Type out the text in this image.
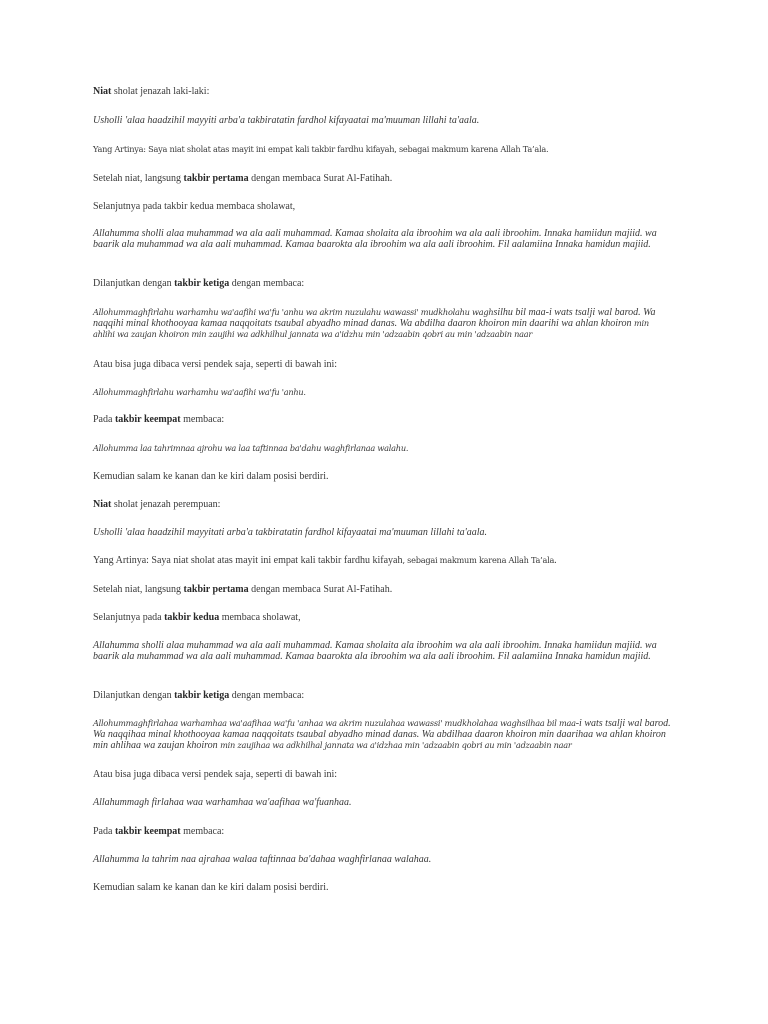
Niat sholat jenazah laki-laki:

Usholli 'alaa haadzihil mayyiti arba'a takbiratatin fardhol kifayaatai ma'muuman lillahi ta'aala.

Yang Artinya: Saya niat sholat atas mayit ini empat kali takbir fardhu kifayah, sebagai makmum karena Allah Ta’ala.

Setelah niat, langsung takbir pertama dengan membaca Surat Al-Fatihah.

Selanjutnya pada takbir kedua membaca sholawat,

Allahumma sholli alaa muhammad wa ala aali muhammad. Kamaa sholaita ala ibroohim wa ala aali ibroohim. Innaka hamiidun majiid. wa baarik ala muhammad wa ala aali muhammad. Kamaa baarokta ala ibroohim wa ala aali ibroohim. Fil aalamiina Innaka hamidun majiid.

Dilanjutkan dengan takbir ketiga dengan membaca:

Allohummaghfirlahu warhamhu wa'aafihi wa'fu 'anhu wa akrim nuzulahu wawassi' mudkholahu waghsilhu bil maa-i wats tsalji wal barod. Wa naqqihi minal khothooyaa kamaa naqqoitats tsaubal abyadho minad danas. Wa abdilha daaron khoiron min daarihi wa ahlan khoiron min ahlihi wa zaujan khoiron min zaujihi wa adkhilhul jannata wa a'idzhu min 'adzaabin qobri au min 'adzaabin naar

Atau bisa juga dibaca versi pendek saja, seperti di bawah ini:

Allohummaghfirlahu warhamhu wa'aafihi wa'fu 'anhu.

Pada takbir keempat membaca:

Allohumma laa tahrimnaa ajrohu wa laa taftinnaa ba'dahu waghfirlanaa walahu.

Kemudian salam ke kanan dan ke kiri dalam posisi berdiri.

Niat sholat jenazah perempuan:

Usholli 'alaa haadzihil mayyitati arba'a takbiratatin fardhol kifayaatai ma'muuman lillahi ta'aala.

Yang Artinya: Saya niat sholat atas mayit ini empat kali takbir fardhu kifayah, sebagai makmum karena Allah Ta’ala.

Setelah niat, langsung takbir pertama dengan membaca Surat Al-Fatihah.

Selanjutnya pada takbir kedua membaca sholawat,

Allahumma sholli alaa muhammad wa ala aali muhammad. Kamaa sholaita ala ibroohim wa ala aali ibroohim. Innaka hamiidun majiid. wa baarik ala muhammad wa ala aali muhammad. Kamaa baarokta ala ibroohim wa ala aali ibroohim. Fil aalamiina Innaka hamidun majiid.

Dilanjutkan dengan takbir ketiga dengan membaca:

Allohummaghfirlahaa warhamhaa wa'aafihaa wa'fu 'anhaa wa akrim nuzulahaa wawassi' mudkholahaa waghsilhaa bil maa-i wats tsalji wal barod. Wa naqqihaa minal khothooyaa kamaa naqqoitats tsaubal abyadho minad danas. Wa abdilhaa daaron khoiron min daarihaa wa ahlan khoiron min ahlihaa wa zaujan khoiron min zaujihaa wa adkhilhal jannata wa a'idzhaa min 'adzaabin qobri au min 'adzaabin naar

Atau bisa juga dibaca versi pendek saja, seperti di bawah ini:

Allahummagh firlahaa waa warhamhaa wa'aafihaa wa'fuanhaa.

Pada takbir keempat membaca:

Allahumma la tahrim naa ajrahaa walaa taftinnaa ba'dahaa waghfirlanaa walahaa.

Kemudian salam ke kanan dan ke kiri dalam posisi berdiri.
